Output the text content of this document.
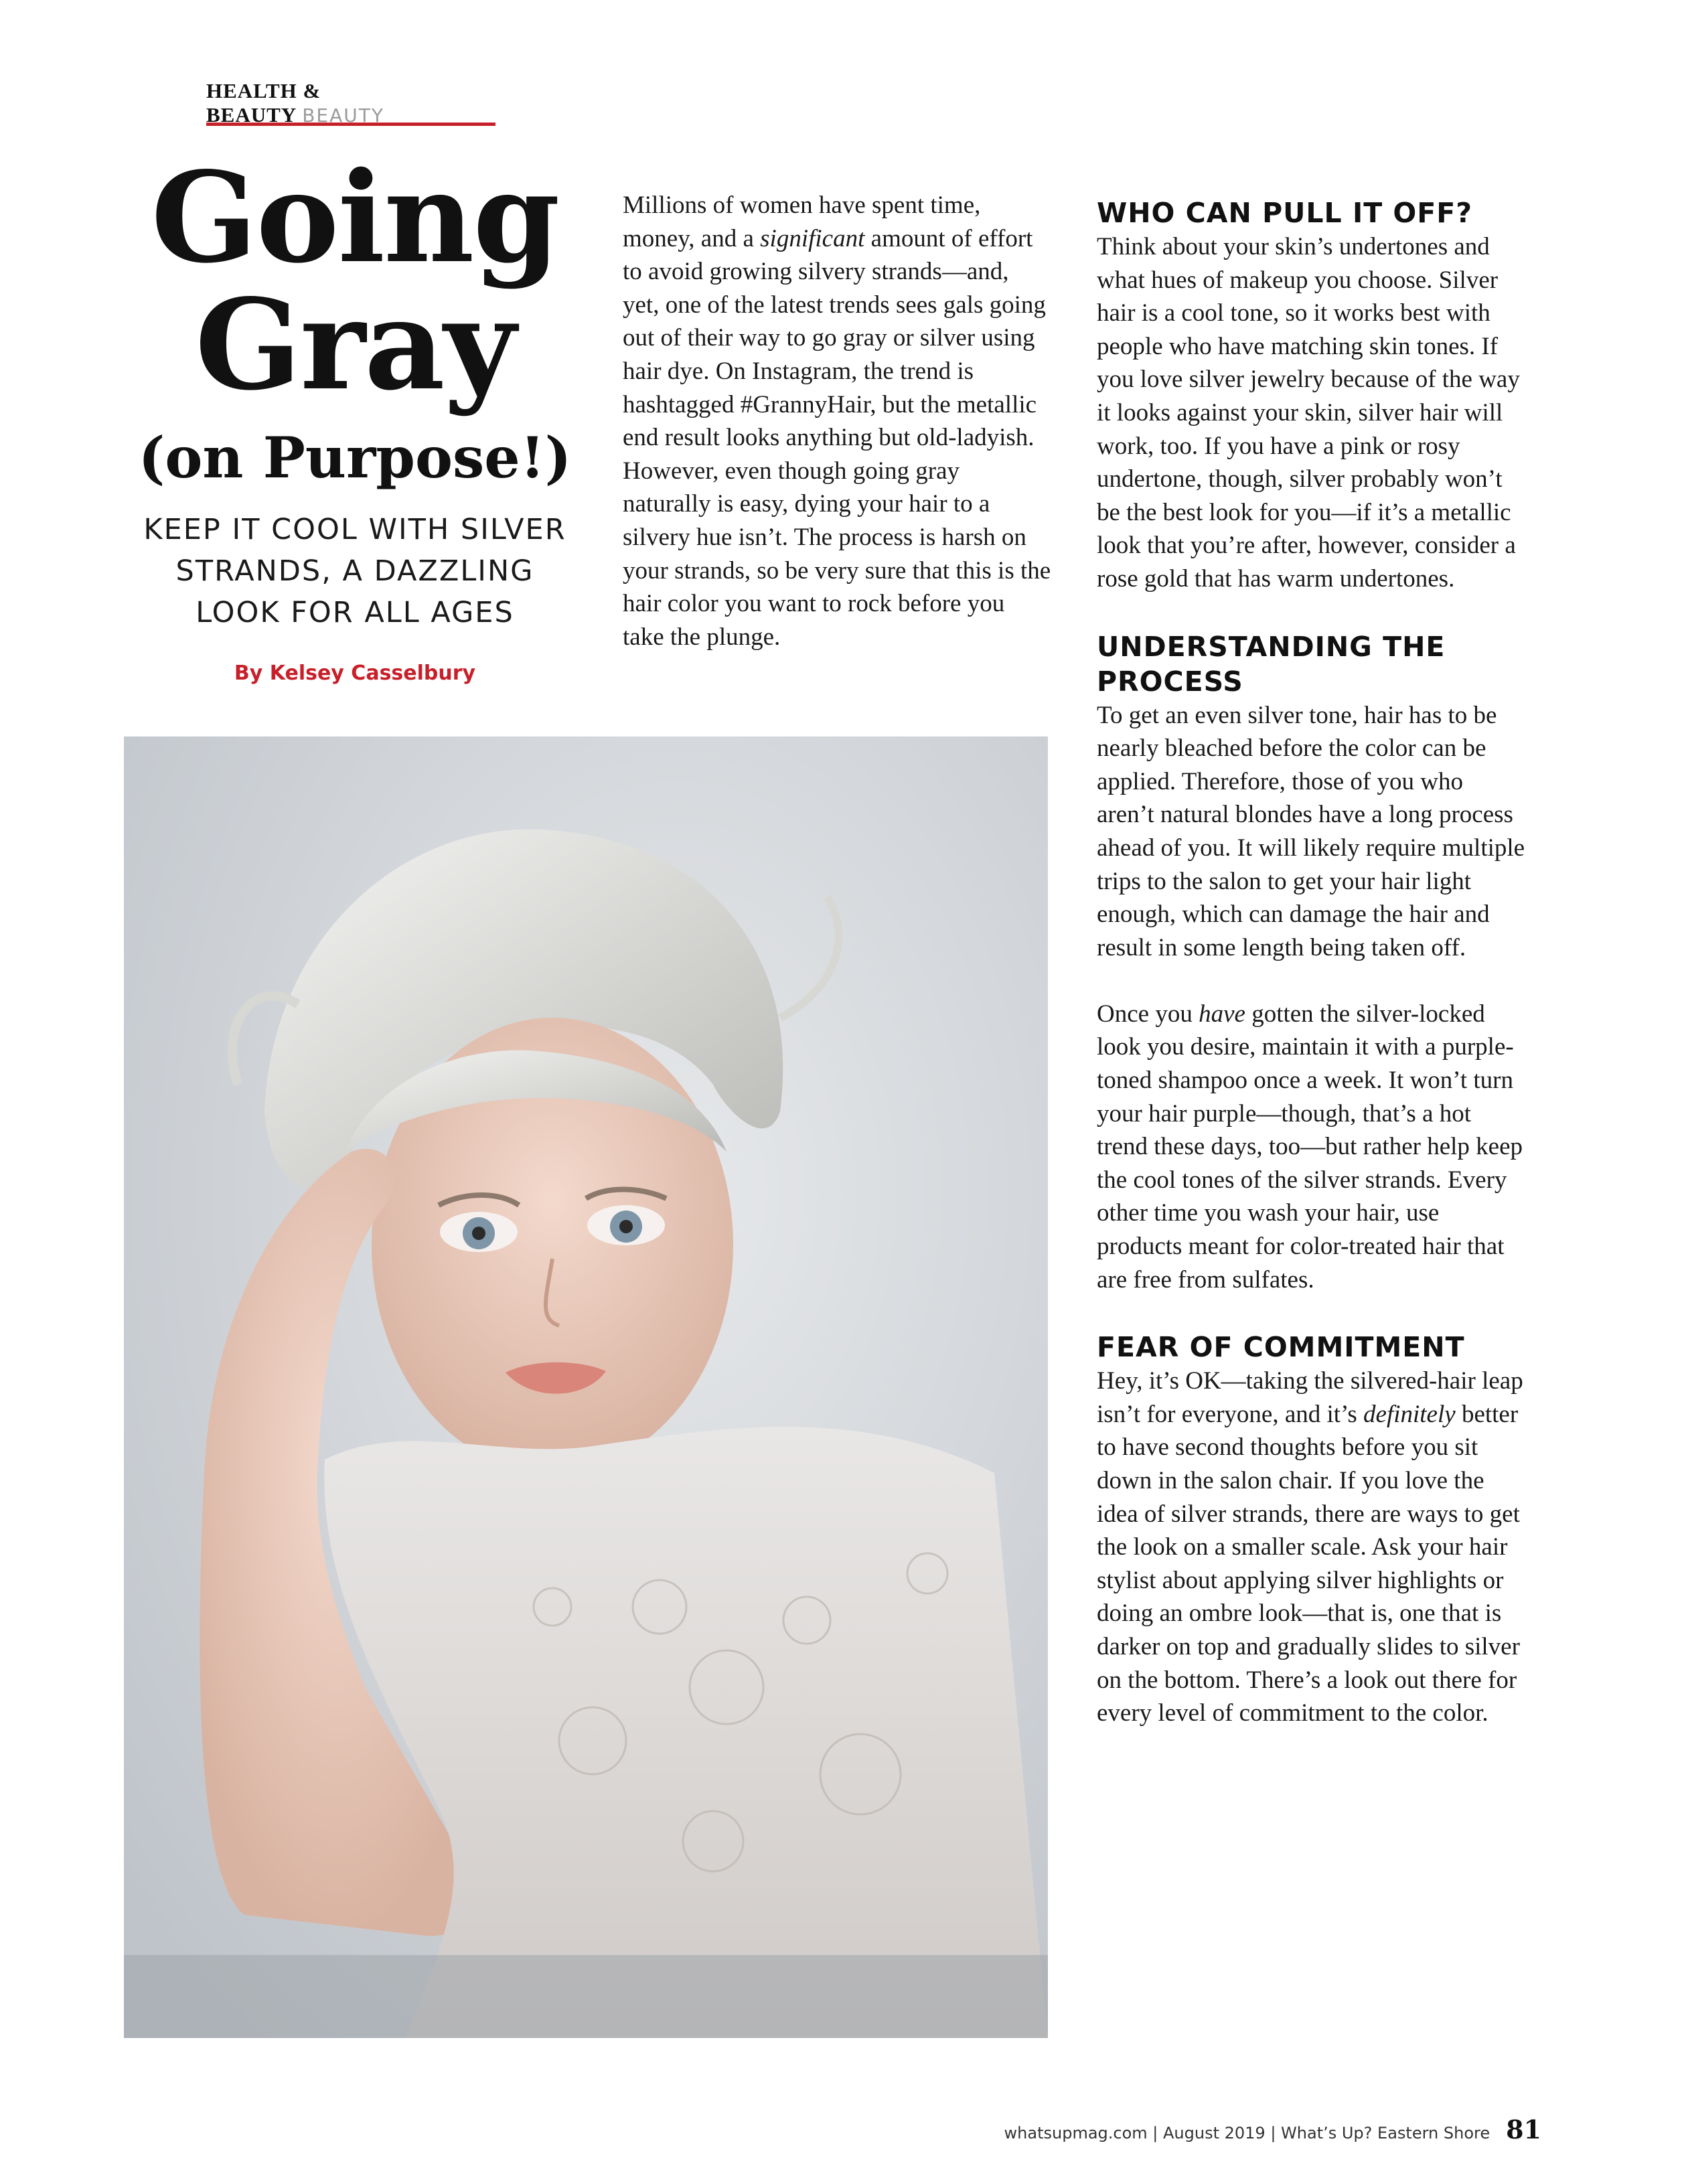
HEALTH & BEAUTY BEAUTY
Going
Gray
(on Purpose!)
KEEP IT COOL WITH SILVER STRANDS, A DAZZLING LOOK FOR ALL AGES
By Kelsey Casselbury

Millions of women have spent time, money, and a significant amount of effort to avoid growing silvery strands—and, yet, one of the latest trends sees gals going out of their way to go gray or silver using hair dye. On Instagram, the trend is hashtagged #GrannyHair, but the metallic end result looks anything but old-ladyish. However, even though going gray naturally is easy, dying your hair to a silvery hue isn’t. The process is harsh on your strands, so be very sure that this is the hair color you want to rock before you take the plunge.

WHO CAN PULL IT OFF?

Think about your skin’s undertones and what hues of makeup you choose. Silver hair is a cool tone, so it works best with people who have matching skin tones. If you love silver jewelry because of the way it looks against your skin, silver hair will work, too. If you have a pink or rosy undertone, though, silver probably won’t be the best look for you—if it’s a metallic look that you’re after, however, consider a rose gold that has warm undertones.

UNDERSTANDING THE PROCESS

To get an even silver tone, hair has to be nearly bleached before the color can be applied. Therefore, those of you who aren’t natural blondes have a long process ahead of you. It will likely require multiple trips to the salon to get your hair light enough, which can damage the hair and result in some length being taken off.

Once you have gotten the silver-locked look you desire, maintain it with a purple-toned shampoo once a week. It won’t turn your hair purple—though, that’s a hot trend these days, too—but rather help keep the cool tones of the silver strands. Every other time you wash your hair, use products meant for color-treated hair that are free from sulfates.

FEAR OF COMMITMENT

Hey, it’s OK—taking the silvered-hair leap isn’t for everyone, and it’s definitely better to have second thoughts before you sit down in the salon chair. If you love the idea of silver strands, there are ways to get the look on a smaller scale. Ask your hair stylist about applying silver highlights or doing an ombre look—that is, one that is darker on top and gradually slides to silver on the bottom. There’s a look out there for every level of commitment to the color.

whatsupmag.com | August 2019 | What’s Up? Eastern Shore 81
